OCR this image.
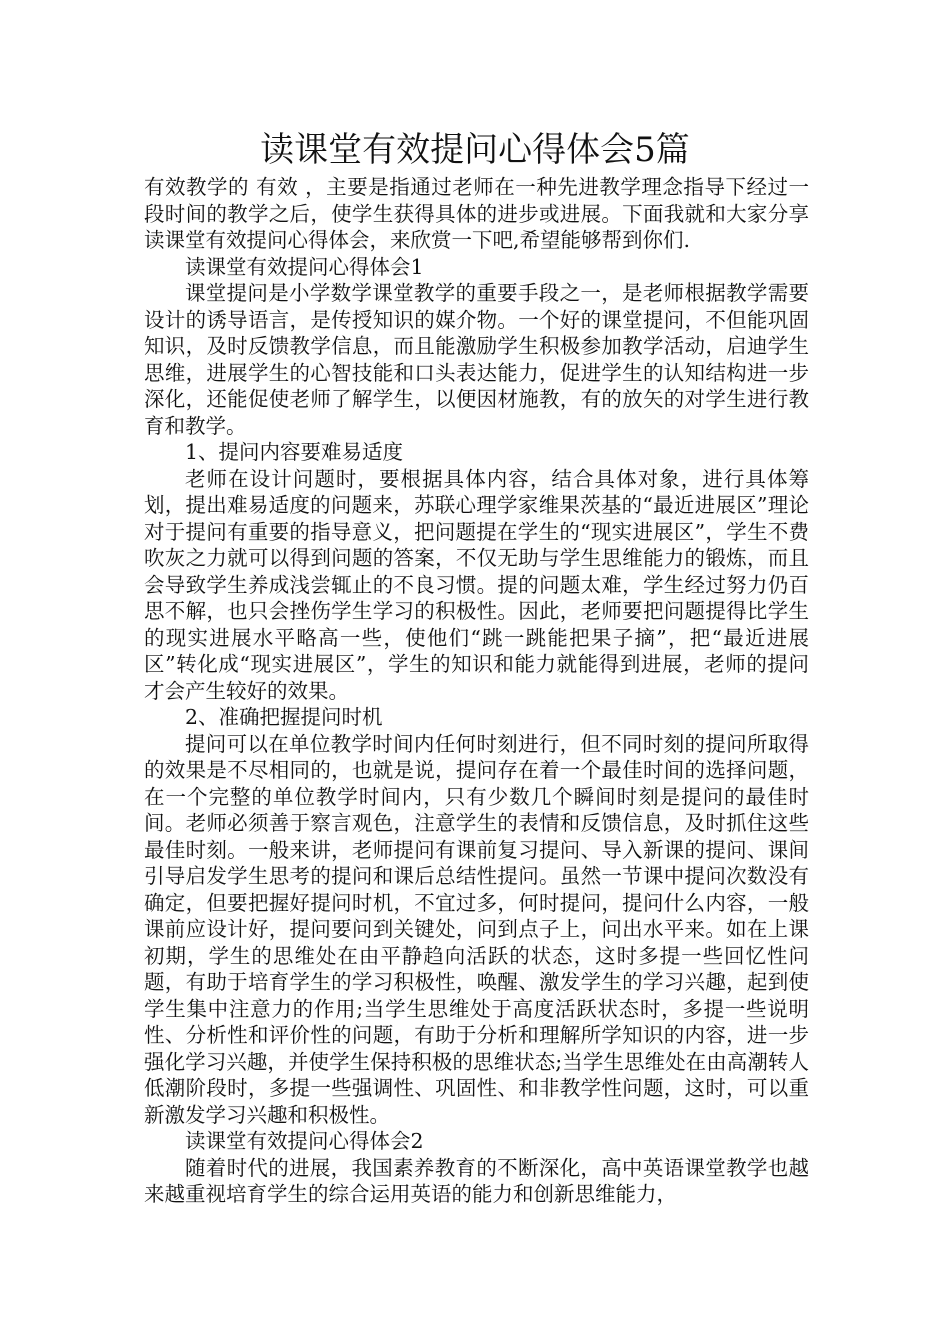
读课堂有效提问心得体会5篇

有效教学的 有效 ，主要是指通过老师在一种先进教学理念指导下经过一段时间的教学之后，使学生获得具体的进步或进展。下面我就和大家分享读课堂有效提问心得体会，来欣赏一下吧,希望能够帮到你们.

读课堂有效提问心得体会1

课堂提问是小学数学课堂教学的重要手段之一，是老师根据教学需要设计的诱导语言，是传授知识的媒介物。一个好的课堂提问，不但能巩固知识，及时反馈教学信息，而且能激励学生积极参加教学活动，启迪学生思维，进展学生的心智技能和口头表达能力，促进学生的认知结构进一步深化，还能促使老师了解学生，以便因材施教，有的放矢的对学生进行教育和教学。

1、提问内容要难易适度

老师在设计问题时，要根据具体内容，结合具体对象，进行具体筹划，提出难易适度的问题来，苏联心理学家维果茨基的“最近进展区”理论对于提问有重要的指导意义，把问题提在学生的“现实进展区”，学生不费吹灰之力就可以得到问题的答案，不仅无助与学生思维能力的锻炼，而且会导致学生养成浅尝辄止的不良习惯。提的问题太难，学生经过努力仍百思不解，也只会挫伤学生学习的积极性。因此，老师要把问题提得比学生的现实进展水平略高一些，使他们“跳一跳能把果子摘”，把“最近进展区”转化成“现实进展区”，学生的知识和能力就能得到进展，老师的提问才会产生较好的效果。

2、准确把握提问时机

提问可以在单位教学时间内任何时刻进行，但不同时刻的提问所取得的效果是不尽相同的，也就是说，提问存在着一个最佳时间的选择问题，在一个完整的单位教学时间内，只有少数几个瞬间时刻是提问的最佳时间。老师必须善于察言观色，注意学生的表情和反馈信息，及时抓住这些最佳时刻。一般来讲，老师提问有课前复习提问、导入新课的提问、课间引导启发学生思考的提问和课后总结性提问。虽然一节课中提问次数没有确定，但要把握好提问时机，不宜过多，何时提问，提问什么内容，一般课前应设计好，提问要问到关键处，问到点子上，问出水平来。如在上课初期，学生的思维处在由平静趋向活跃的状态，这时多提一些回忆性问题，有助于培育学生的学习积极性，唤醒、激发学生的学习兴趣，起到使学生集中注意力的作用;当学生思维处于高度活跃状态时，多提一些说明性、分析性和评价性的问题，有助于分析和理解所学知识的内容，进一步强化学习兴趣，并使学生保持积极的思维状态;当学生思维处在由高潮转人低潮阶段时，多提一些强调性、巩固性、和非教学性问题，这时，可以重新激发学习兴趣和积极性。

读课堂有效提问心得体会2

随着时代的进展，我国素养教育的不断深化，高中英语课堂教学也越来越重视培育学生的综合运用英语的能力和创新思维能力，
